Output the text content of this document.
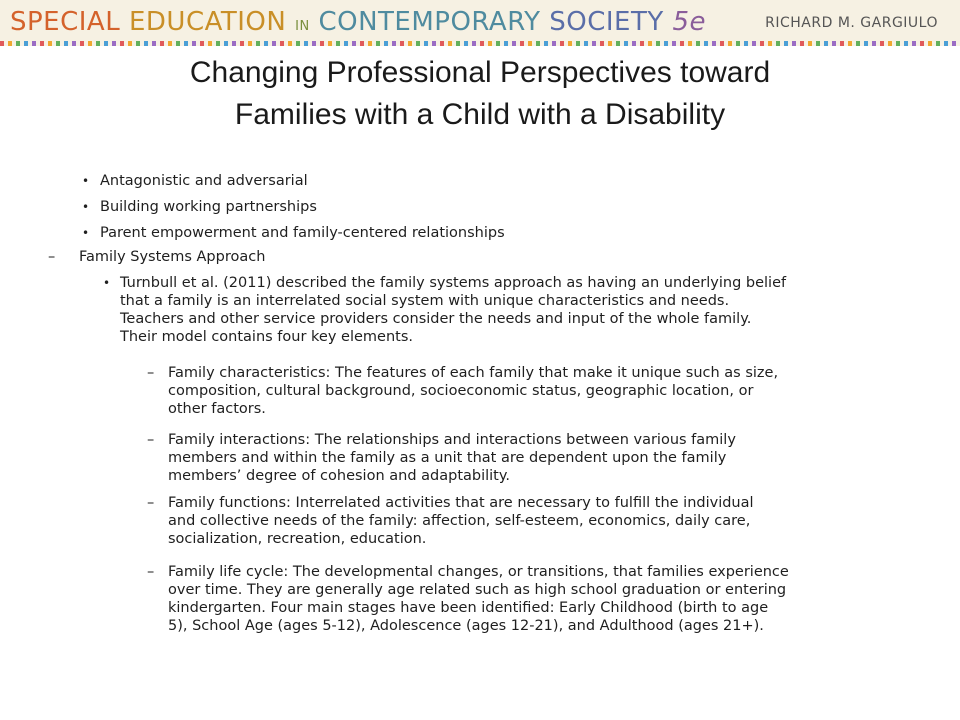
SPECIAL EDUCATION IN CONTEMPORARY SOCIETY 5e	RICHARD M. GARGIULO
Changing Professional Perspectives toward
Families with a Child with a Disability
• Antagonistic and adversarial
• Building working partnerships
• Parent empowerment and family-centered relationships
– Family Systems Approach
• Turnbull et al. (2011) described the family systems approach as having an underlying belief
that a family is an interrelated social system with unique characteristics and needs.
Teachers and other service providers consider the needs and input of the whole family.
Their model contains four key elements.
– Family characteristics: The features of each family that make it unique such as size,
composition, cultural background, socioeconomic status, geographic location, or
other factors.
– Family interactions: The relationships and interactions between various family
members and within the family as a unit that are dependent upon the family
members’ degree of cohesion and adaptability.
– Family functions: Interrelated activities that are necessary to fulfill the individual
and collective needs of the family: affection, self-esteem, economics, daily care,
socialization, recreation, education.
– Family life cycle: The developmental changes, or transitions, that families experience
over time. They are generally age related such as high school graduation or entering
kindergarten. Four main stages have been identified: Early Childhood (birth to age
5), School Age (ages 5-12), Adolescence (ages 12-21), and Adulthood (ages 21+).
